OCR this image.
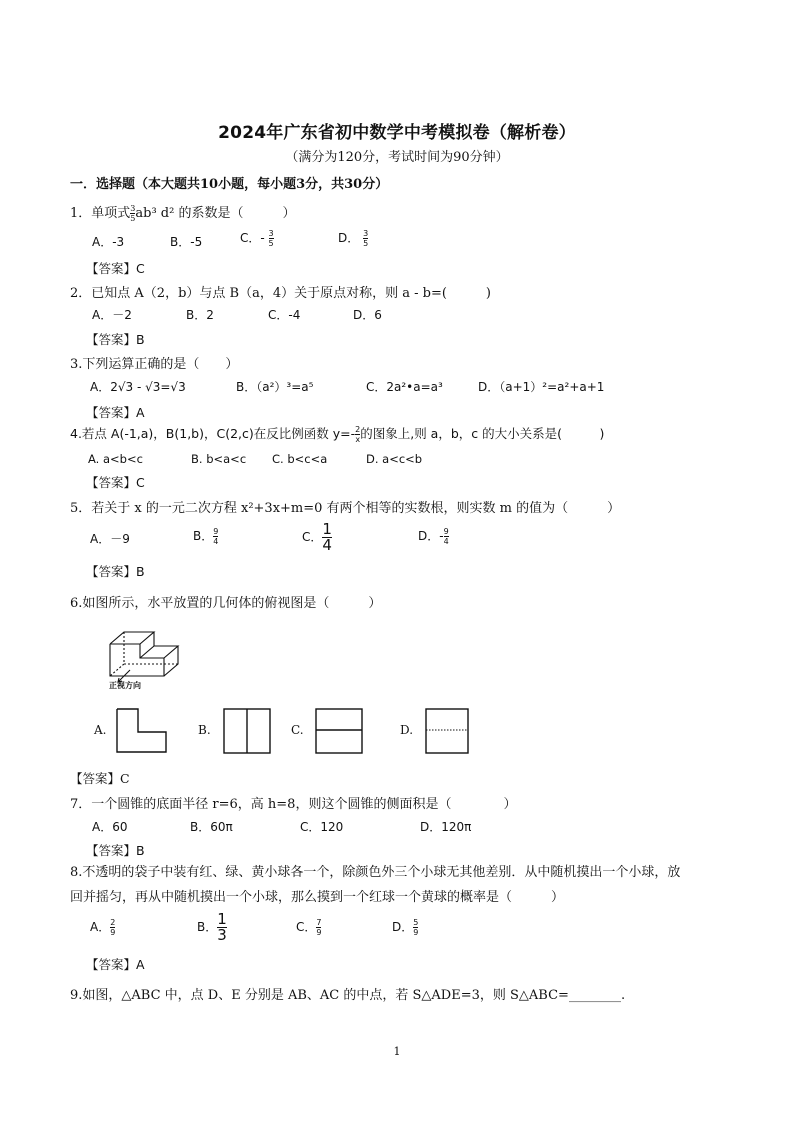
2024年广东省初中数学中考模拟卷（解析卷）
（满分为120分，考试时间为90分钟）
一．选择题（本大题共10小题，每小题3分，共30分）
1．单项式 $\frac{3}{5} ab^3$ d² 的系数是（　　　）
A．-3	B．-5	C．- $\frac{3}{5}$	D． $\frac{3}{5}$
【答案】C
2．已知点 A（2，b）与点 B（a，4）关于原点对称，则 a - b=(　　　)
A．－2	B．2	C．-4	D．6
【答案】B
3.下列运算正确的是（　　）
A．2√3 - √3=√3	B．（a²）³=a⁵	C．2a²•a=a³	D．（a+1）²=a²+a+1
【答案】A
4.若点 A(-1,a)，B(1,b)，C(2,c)在反比例函数 $y=- \frac{2}{x}$ 的图象上,则 a，b，c 的大小关系是(　　　)
A. a<b<c	B. b<a<c C. b<c<a	D. a<c<b
【答案】C
5．若关于 x 的一元二次方程 x²+3x+m=0 有两个相等的实数根，则实数 m 的值为（　　　）
A．－9	B． $\frac{9}{4}$	C． $\frac{1}{4}$	D．- $\frac{9}{4}$
【答案】B
6.如图所示，水平放置的几何体的俯视图是（　　　）
正视方向
A.	B.	C.	D.
【答案】C
7．一个圆锥的底面半径 r=6，高 h=8，则这个圆锥的侧面积是（　　　　）
A．60	B．60π	C．120	D．120π
【答案】B
8.不透明的袋子中装有红、绿、黄小球各一个，除颜色外三个小球无其他差别．从中随机摸出一个小球，放
回并摇匀，再从中随机摸出一个小球，那么摸到一个红球一个黄球的概率是（　　　）
A． $\frac{2}{9}$	B． $\frac{1}{3}$	C． $\frac{7}{9}$	D． $\frac{5}{9}$
【答案】A
9.如图，△ABC 中，点 D、E 分别是 AB、AC 的中点，若 S△ADE=3，则 S△ABC=________.
1
